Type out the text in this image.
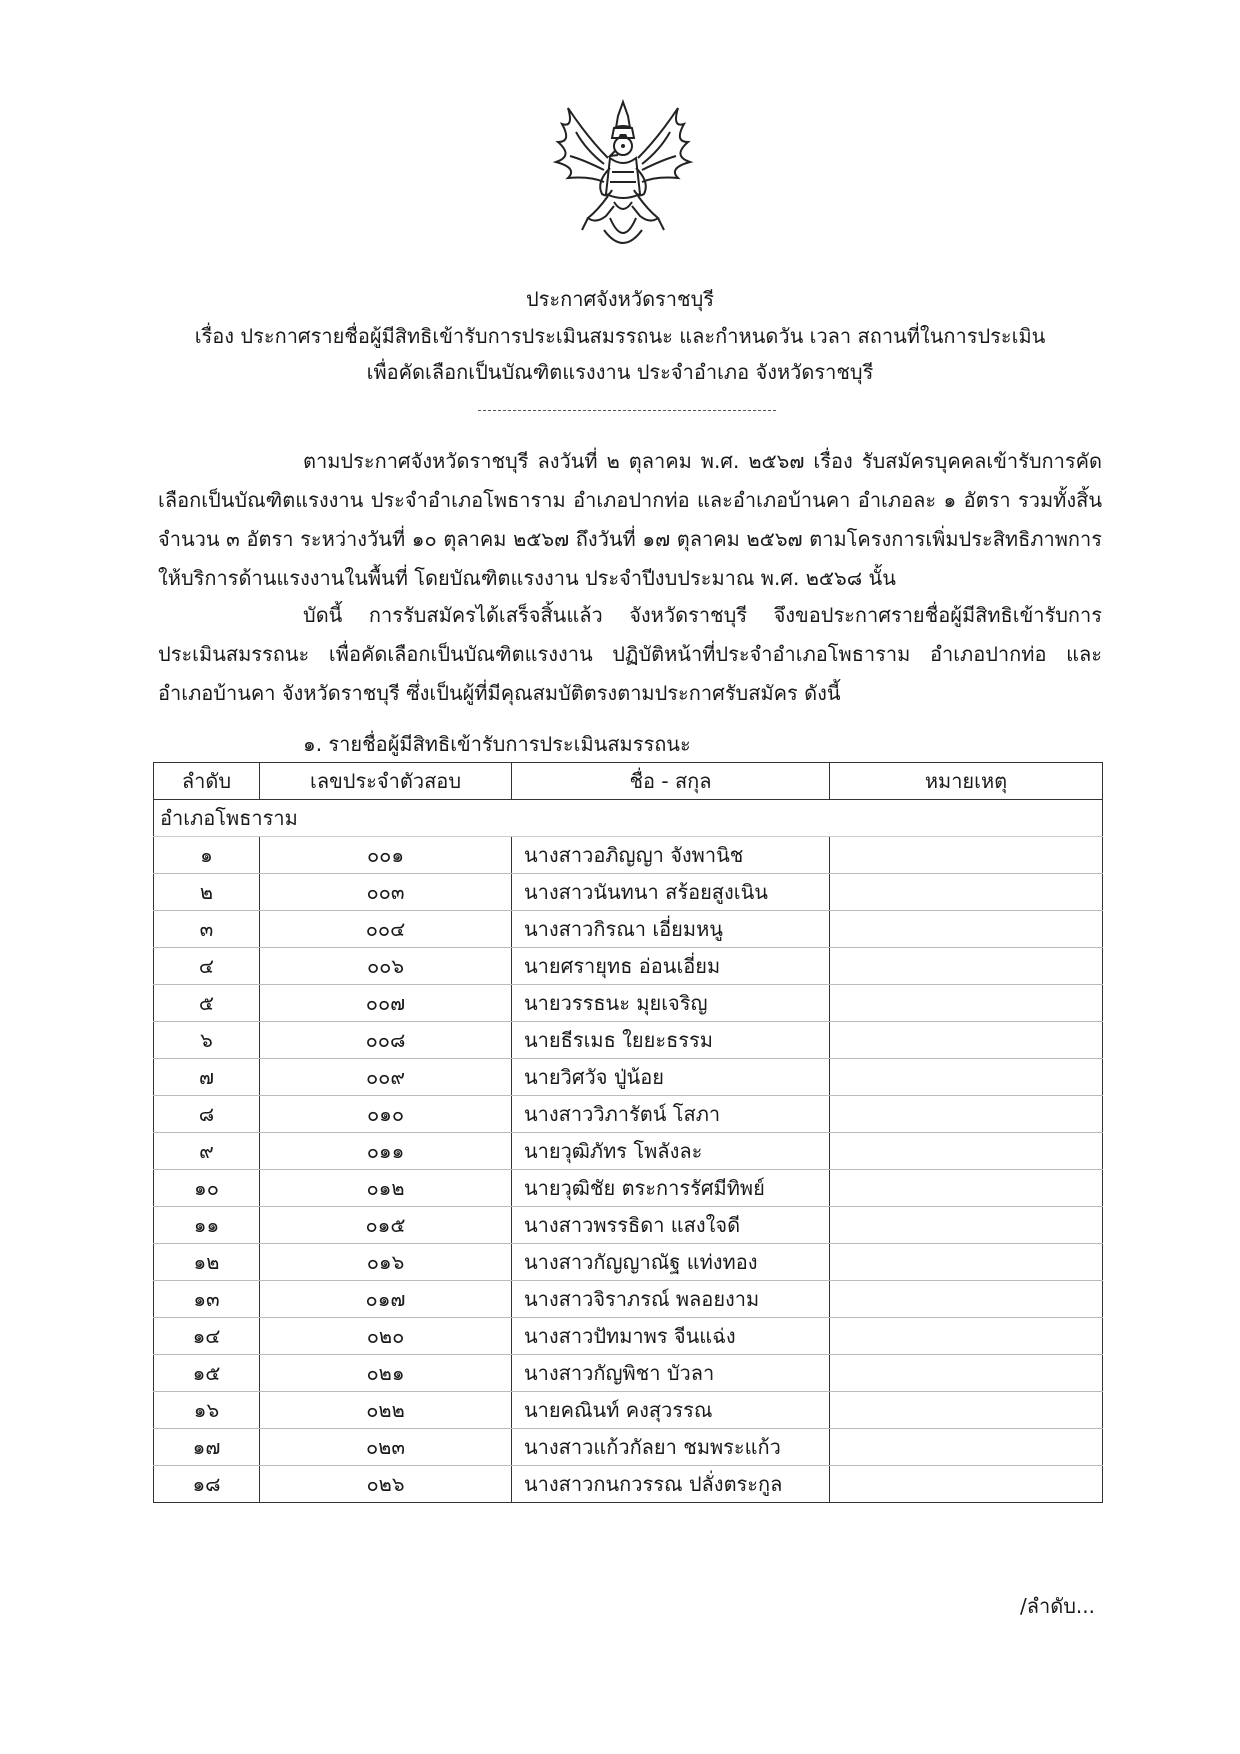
ประกาศจังหวัดราชบุรี
เรื่อง ประกาศรายชื่อผู้มีสิทธิเข้ารับการประเมินสมรรถนะ และกำหนดวัน เวลา สถานที่ในการประเมิน
เพื่อคัดเลือกเป็นบัณฑิตแรงงาน ประจำอำเภอ จังหวัดราชบุรี
ตามประกาศจังหวัดราชบุรี ลงวันที่ ๒ ตุลาคม พ.ศ. ๒๕๖๗ เรื่อง รับสมัครบุคคลเข้ารับการคัดเลือกเป็นบัณฑิตแรงงาน ประจำอำเภอโพธาราม อำเภอปากท่อ และอำเภอบ้านคา อำเภอละ ๑ อัตรา รวมทั้งสิ้น จำนวน ๓ อัตรา ระหว่างวันที่ ๑๐ ตุลาคม ๒๕๖๗ ถึงวันที่ ๑๗ ตุลาคม ๒๕๖๗ ตามโครงการเพิ่มประสิทธิภาพการให้บริการด้านแรงงานในพื้นที่ โดยบัณฑิตแรงงาน ประจำปีงบประมาณ พ.ศ. ๒๕๖๘ นั้น
บัดนี้ การรับสมัครได้เสร็จสิ้นแล้ว จังหวัดราชบุรี จึงขอประกาศรายชื่อผู้มีสิทธิเข้ารับการประเมินสมรรถนะ เพื่อคัดเลือกเป็นบัณฑิตแรงงาน ปฏิบัติหน้าที่ประจำอำเภอโพธาราม อำเภอปากท่อ และอำเภอบ้านคา จังหวัดราชบุรี ซึ่งเป็นผู้ที่มีคุณสมบัติตรงตามประกาศรับสมัคร ดังนี้
๑. รายชื่อผู้มีสิทธิเข้ารับการประเมินสมรรถนะ
ลำดับ	เลขประจำตัวสอบ	ชื่อ - สกุล	หมายเหตุ
อำเภอโพธาราม			
๑	๐๐๑	นางสาวอภิญญา จังพานิช	
๒	๐๐๓	นางสาวนันทนา สร้อยสูงเนิน	
๓	๐๐๔	นางสาวกิรณา เอี่ยมหนู	
๔	๐๐๖	นายศรายุทธ อ่อนเอี่ยม	
๕	๐๐๗	นายวรรธนะ มุยเจริญ	
๖	๐๐๘	นายธีรเมธ ใยยะธรรม	
๗	๐๐๙	นายวิศวัจ ปู่น้อย	
๘	๐๑๐	นางสาววิภารัตน์ โสภา	
๙	๐๑๑	นายวุฒิภัทร โพลังละ	
๑๐	๐๑๒	นายวุฒิชัย ตระการรัศมีทิพย์	
๑๑	๐๑๕	นางสาวพรรธิดา แสงใจดี	
๑๒	๐๑๖	นางสาวกัญญาณัฐ แท่งทอง	
๑๓	๐๑๗	นางสาวจิราภรณ์ พลอยงาม	
๑๔	๐๒๐	นางสาวปัทมาพร จีนแฉ่ง	
๑๕	๐๒๑	นางสาวกัญพิชา บัวลา	
๑๖	๐๒๒	นายคณินท์ คงสุวรรณ	
๑๗	๐๒๓	นางสาวแก้วกัลยา ชมพระแก้ว	
๑๘	๐๒๖	นางสาวกนกวรรณ ปลั่งตระกูล	
/ลำดับ...
